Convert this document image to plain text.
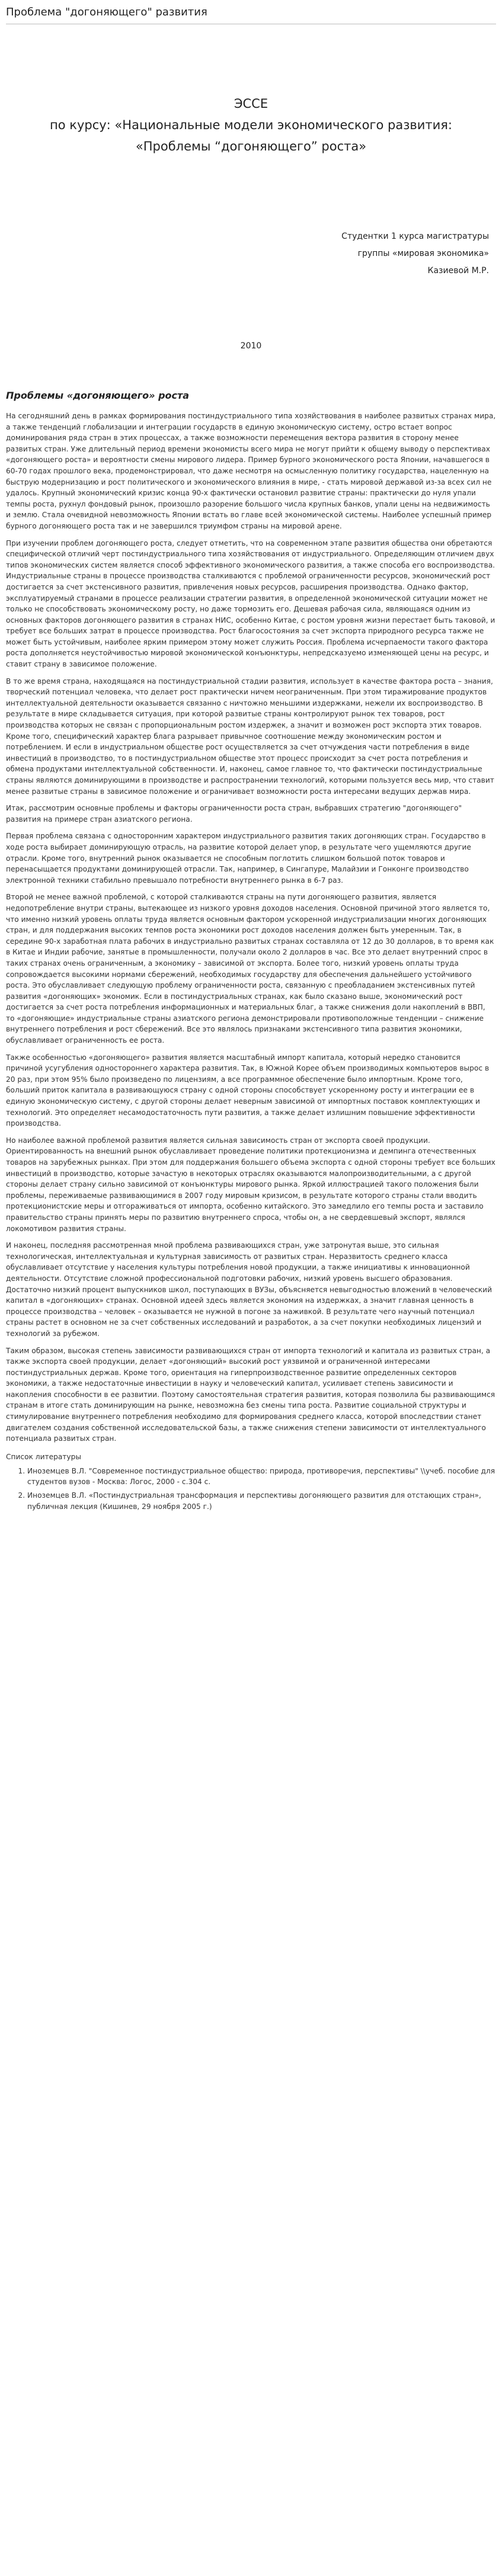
Проблема "догоняющего" развития
ЭССЕ
по курсу: «Национальные модели экономического развития:
«Проблемы “догоняющего” роста»
Студентки 1 курса магистратуры
группы «мировая экономика»
Казиевой М.Р.
2010
Проблемы «догоняющего» роста

На сегодняшний день в рамках формирования постиндустриального типа хозяйствования в наиболее развитых странах мира, а также тенденций глобализации и интеграции государств в единую экономическую систему, остро встает вопрос доминирования ряда стран в этих процессах, а также возможности перемещения вектора развития в сторону менее развитых стран. Уже длительный период времени экономисты всего мира не могут прийти к общему выводу о перспективах «догоняющего роста» и вероятности смены мирового лидера. Пример бурного экономического роста Японии, начавшегося в 60-70 годах прошлого века, продемонстрировал, что даже несмотря на осмысленную политику государства, нацеленную на быструю модернизацию и рост политического и экономического влияния в мире, - стать мировой державой из-за всех сил не удалось. Крупный экономический кризис конца 90-х фактически остановил развитие страны: практически до нуля упали темпы роста, рухнул фондовый рынок, произошло разорение большого числа крупных банков, упали цены на недвижимость и землю. Стала очевидной невозможность Японии встать во главе всей экономической системы. Наиболее успешный пример бурного догоняющего роста так и не завершился триумфом страны на мировой арене.

При изучении проблем догоняющего роста, следует отметить, что на современном этапе развития общества они обретаются специфической отличий черт постиндустриального типа хозяйствования от индустриального. Определяющим отличием двух типов экономических систем является способ эффективного экономического развития, а также способа его воспроизводства. Индустриальные страны в процессе производства сталкиваются с проблемой ограниченности ресурсов, экономический рост достигается за счет экстенсивного развития, привлечения новых ресурсов, расширения производства. Однако фактор, эксплуатируемый странами в процессе реализации стратегии развития, в определенной экономической ситуации может не только не способствовать экономическому росту, но даже тормозить его. Дешевая рабочая сила, являющаяся одним из основных факторов догоняющего развития в странах НИС, особенно Китае, с ростом уровня жизни перестает быть таковой, и требует все больших затрат в процессе производства. Рост благосостояния за счет экспорта природного ресурса также не может быть устойчивым, наиболее ярким примером этому может служить Россия. Проблема исчерпаемости такого фактора роста дополняется неустойчивостью мировой экономической конъюнктуры, непредсказуемо изменяющей цены на ресурс, и ставит страну в зависимое положение.

В то же время страна, находящаяся на постиндустриальной стадии развития, использует в качестве фактора роста – знания, творческий потенциал человека, что делает рост практически ничем неограниченным. При этом тиражирование продуктов интеллектуальной деятельности оказывается связанно с ничтожно меньшими издержками, нежели их воспроизводство. В результате в мире складывается ситуация, при которой развитые страны контролируют рынок тех товаров, рост производства которых не связан с пропорциональным ростом издержек, а значит и возможен рост экспорта этих товаров. Кроме того, специфический характер блага разрывает привычное соотношение между экономическим ростом и потреблением. И если в индустриальном обществе рост осуществляется за счет отчуждения части потребления в виде инвестиций в производство, то в постиндустриальном обществе этот процесс происходит за счет роста потребления и обмена продуктами интеллектуальной собственности. И, наконец, самое главное то, что фактически постиндустриальные страны являются доминирующими в производстве и распространении технологий, которыми пользуется весь мир, что ставит менее развитые страны в зависимое положение и ограничивает возможности роста интересами ведущих держав мира.

Итак, рассмотрим основные проблемы и факторы ограниченности роста стран, выбравших стратегию "догоняющего" развития на примере стран азиатского региона.

Первая проблема связана с односторонним характером индустриального развития таких догоняющих стран. Государство в ходе роста выбирает доминирующую отрасль, на развитие которой делает упор, в результате чего ущемляются другие отрасли. Кроме того, внутренний рынок оказывается не способным поглотить слишком большой поток товаров и перенасыщается продуктами доминирующей отрасли. Так, например, в Сингапуре, Малайзии и Гонконге производство электронной техники стабильно превышало потребности внутреннего рынка в 6-7 раз.

Второй не менее важной проблемой, с которой сталкиваются страны на пути догоняющего развития, является недопотребление внутри страны, вытекающее из низкого уровня доходов населения. Основной причиной этого является то, что именно низкий уровень оплаты труда является основным фактором ускоренной индустриализации многих догоняющих стран, и для поддержания высоких темпов роста экономики рост доходов населения должен быть умеренным. Так, в середине 90-х заработная плата рабочих в индустриально развитых странах составляла от 12 до 30 долларов, в то время как в Китае и Индии рабочие, занятые в промышленности, получали около 2 долларов в час. Все это делает внутренний спрос в таких странах очень ограниченным, а экономику – зависимой от экспорта. Более того, низкий уровень оплаты труда сопровождается высокими нормами сбережений, необходимых государству для обеспечения дальнейшего устойчивого роста. Это обуславливает следующую проблему ограниченности роста, связанную с преобладанием экстенсивных путей развития «догоняющих» экономик. Если в постиндустриальных странах, как было сказано выше, экономический рост достигается за счет роста потребления информационных и материальных благ, а также снижения доли накоплений в ВВП, то «догоняющие» индустриальные страны азиатского региона демонстрировали противоположные тенденции – снижение внутреннего потребления и рост сбережений. Все это являлось признаками экстенсивного типа развития экономики, обуславливает ограниченность ее роста.

Также особенностью «догоняющего» развития является масштабный импорт капитала, который нередко становится причиной усугубления одностороннего характера развития. Так, в Южной Корее объем производимых компьютеров вырос в 20 раз, при этом 95% было произведено по лицензиям, а все программное обеспечение было импортным. Кроме того, больший приток капитала в развивающуюся страну с одной стороны способствует ускоренному росту и интеграции ее в единую экономическую систему, с другой стороны делает неверным зависимой от импортных поставок комплектующих и технологий. Это определяет несамодостаточность пути развития, а также делает излишним повышение эффективности производства.

Но наиболее важной проблемой развития является сильная зависимость стран от экспорта своей продукции. Ориентированность на внешний рынок обуславливает проведение политики протекционизма и демпинга отечественных товаров на зарубежных рынках. При этом для поддержания большего объема экспорта с одной стороны требует все больших инвестиций в производство, которые зачастую в некоторых отраслях оказываются малопроизводительными, а с другой стороны делает страну сильно зависимой от конъюнктуры мирового рынка. Яркой иллюстрацией такого положения были проблемы, переживаемые развивающимися в 2007 году мировым кризисом, в результате которого страны стали вводить протекционистские меры и отгораживаться от импорта, особенно китайского. Это замедлило его темпы роста и заставило правительство страны принять меры по развитию внутреннего спроса, чтобы он, а не свердевшевый экспорт, являлся локомотивом развития страны.

И наконец, последняя рассмотренная мной проблема развивающихся стран, уже затронутая выше, это сильная технологическая, интеллектуальная и культурная зависимость от развитых стран. Неразвитость среднего класса обуславливает отсутствие у населения культуры потребления новой продукции, а также инициативы к инновационной деятельности. Отсутствие сложной профессиональной подготовки рабочих, низкий уровень высшего образования. Достаточно низкий процент выпускников школ, поступающих в ВУЗы, объясняется невыгодностью вложений в человеческий капитал в «догоняющих» странах. Основной идеей здесь является экономия на издержках, а значит главная ценность в процессе производства – человек – оказывается не нужной в погоне за наживкой. В результате чего научный потенциал страны растет в основном не за счет собственных исследований и разработок, а за счет покупки необходимых лицензий и технологий за рубежом.

Таким образом, высокая степень зависимости развивающихся стран от импорта технологий и капитала из развитых стран, а также экспорта своей продукции, делает «догоняющий» высокий рост уязвимой и ограниченной интересами постиндустриальных держав. Кроме того, ориентация на гиперпроизводственное развитие определенных секторов экономики, а также недостаточные инвестиции в науку и человеческий капитал, усиливает степень зависимости и накопления способности в ее развитии. Поэтому самостоятельная стратегия развития, которая позволила бы развивающимся странам в итоге стать доминирующим на рынке, невозможна без смены типа роста. Развитие социальной структуры и стимулирование внутреннего потребления необходимо для формирования среднего класса, которой впоследствии станет двигателем создания собственной исследовательской базы, а также снижения степени зависимости от интеллектуального потенциала развитых стран.

Список литературы
1. Иноземцев В.Л. "Современное постиндустриальное общество: природа, противоречия, перспективы" \\учеб. пособие для студентов вузов - Москва: Логос, 2000 - с.304 с.
2. Иноземцев В.Л. «Постиндустриальная трансформация и перспективы догоняющего развития для отстающих стран», публичная лекция (Кишинев, 29 ноября 2005 г.)
